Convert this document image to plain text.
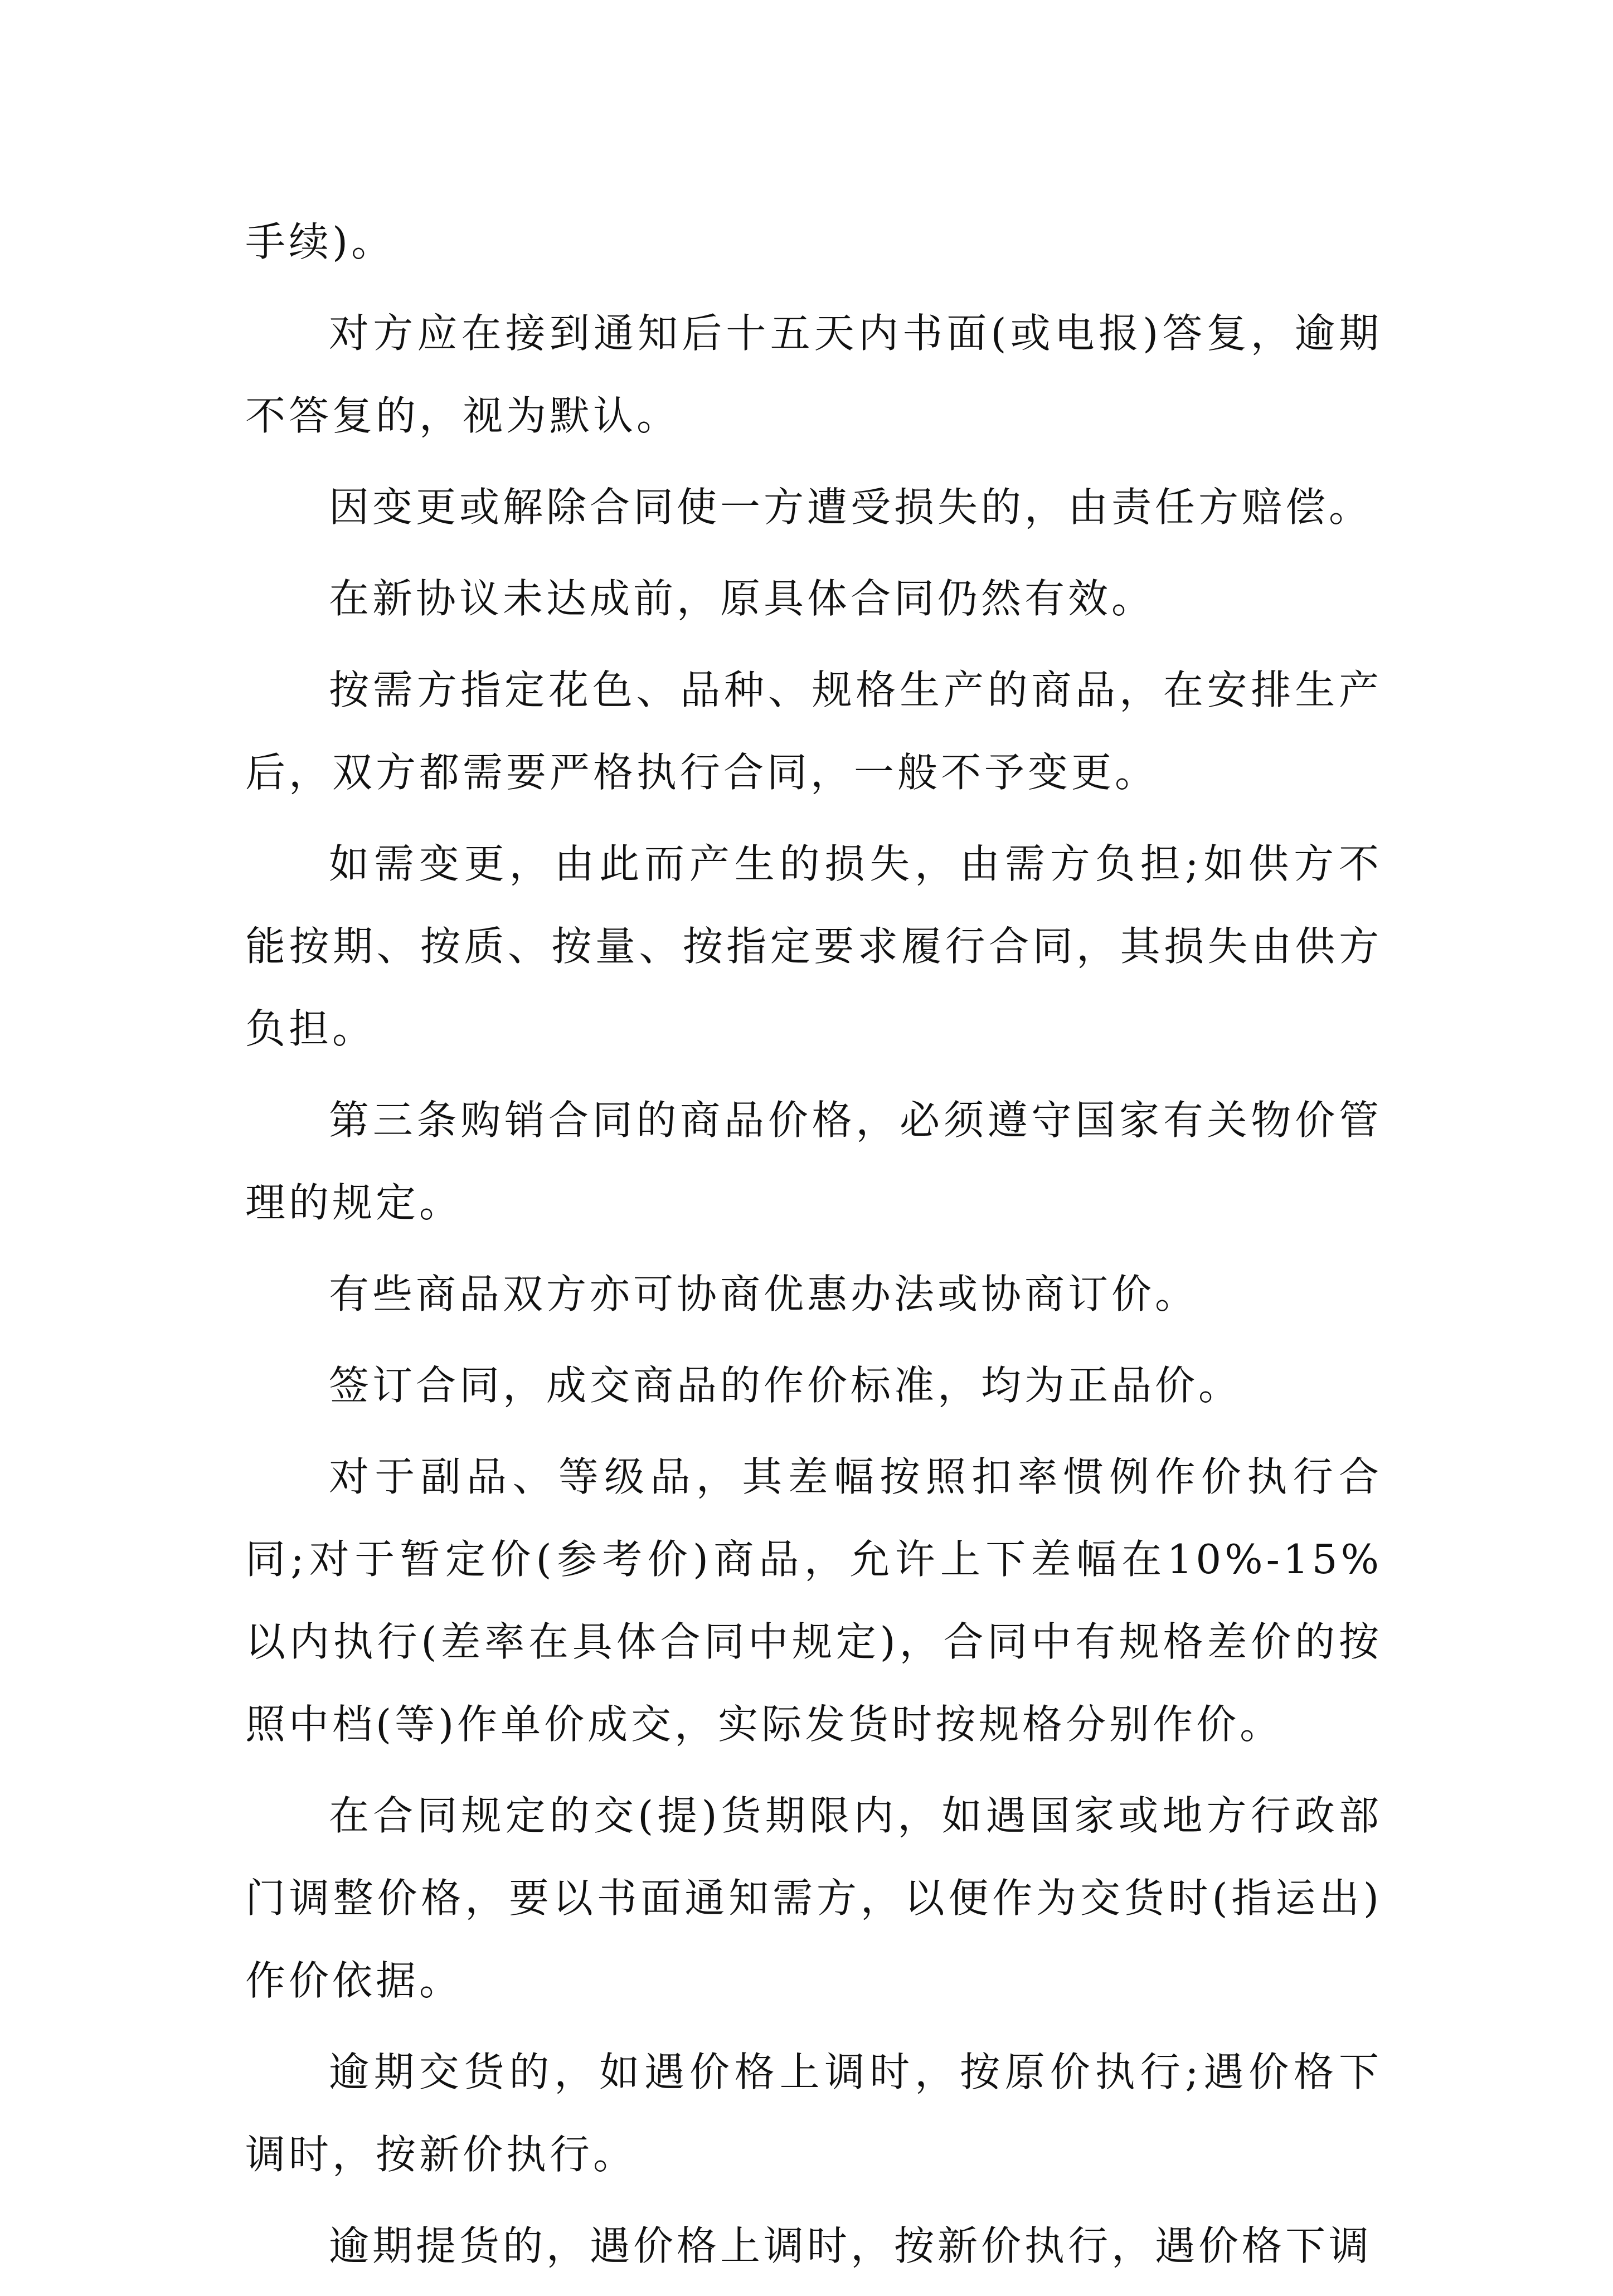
手续)。

对方应在接到通知后十五天内书面(或电报)答复，逾期不答复的，视为默认。

因变更或解除合同使一方遭受损失的，由责任方赔偿。

在新协议未达成前，原具体合同仍然有效。

按需方指定花色、品种、规格生产的商品，在安排生产后，双方都需要严格执行合同，一般不予变更。

如需变更，由此而产生的损失，由需方负担;如供方不能按期、按质、按量、按指定要求履行合同，其损失由供方负担。

第三条购销合同的商品价格，必须遵守国家有关物价管理的规定。

有些商品双方亦可协商优惠办法或协商订价。

签订合同，成交商品的作价标准，均为正品价。

对于副品、等级品，其差幅按照扣率惯例作价执行合同;对于暂定价(参考价)商品，允许上下差幅在10%-15%以内执行(差率在具体合同中规定)，合同中有规格差价的按照中档(等)作单价成交，实际发货时按规格分别作价。

在合同规定的交(提)货期限内，如遇国家或地方行政部门调整价格，要以书面通知需方，以便作为交货时(指运出)作价依据。

逾期交货的，如遇价格上调时，按原价执行;遇价格下调时，按新价执行。

逾期提货的，遇价格上调时，按新价执行，遇价格下调
